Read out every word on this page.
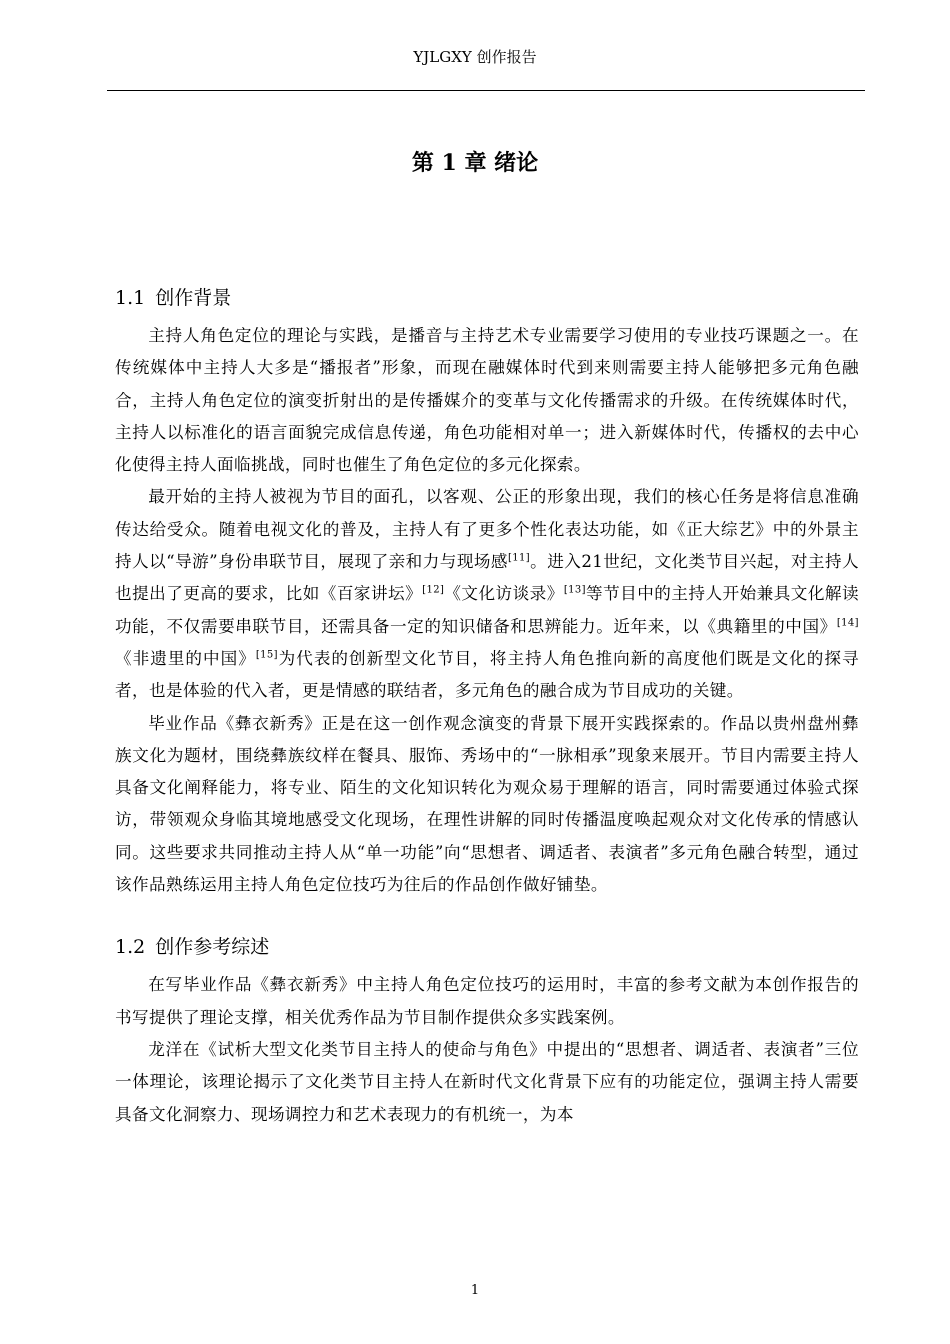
YJLGXY 创作报告
第 1 章 绪论
1.1 创作背景

主持人角色定位的理论与实践，是播音与主持艺术专业需要学习使用的专业技巧课题之一。在传统媒体中主持人大多是“播报者”形象，而现在融媒体时代到来则需要主持人能够把多元角色融合，主持人角色定位的演变折射出的是传播媒介的变革与文化传播需求的升级。在传统媒体时代，主持人以标准化的语言面貌完成信息传递，角色功能相对单一；进入新媒体时代，传播权的去中心化使得主持人面临挑战，同时也催生了角色定位的多元化探索。

最开始的主持人被视为节目的面孔，以客观、公正的形象出现，我们的核心任务是将信息准确传达给受众。随着电视文化的普及，主持人有了更多个性化表达功能，如《正大综艺》中的外景主持人以“导游”身份串联节目，展现了亲和力与现场感[11]。进入21世纪，文化类节目兴起，对主持人也提出了更高的要求，比如《百家讲坛》[12]《文化访谈录》[13]等节目中的主持人开始兼具文化解读功能，不仅需要串联节目，还需具备一定的知识储备和思辨能力。近年来，以《典籍里的中国》[14]《非遗里的中国》[15]为代表的创新型文化节目，将主持人角色推向新的高度他们既是文化的探寻者，也是体验的代入者，更是情感的联结者，多元角色的融合成为节目成功的关键。

毕业作品《彝衣新秀》正是在这一创作观念演变的背景下展开实践探索的。作品以贵州盘州彝族文化为题材，围绕彝族纹样在餐具、服饰、秀场中的“一脉相承”现象来展开。节目内需要主持人具备文化阐释能力，将专业、陌生的文化知识转化为观众易于理解的语言，同时需要通过体验式探访，带领观众身临其境地感受文化现场，在理性讲解的同时传播温度唤起观众对文化传承的情感认同。这些要求共同推动主持人从“单一功能”向“思想者、调适者、表演者”多元角色融合转型，通过该作品熟练运用主持人角色定位技巧为往后的作品创作做好铺垫。

1.2 创作参考综述

在写毕业作品《彝衣新秀》中主持人角色定位技巧的运用时，丰富的参考文献为本创作报告的书写提供了理论支撑，相关优秀作品为节目制作提供众多实践案例。

龙洋在《试析大型文化类节目主持人的使命与角色》中提出的“思想者、调适者、表演者”三位一体理论，该理论揭示了文化类节目主持人在新时代文化背景下应有的功能定位，强调主持人需要具备文化洞察力、现场调控力和艺术表现力的有机统一，为本

1
